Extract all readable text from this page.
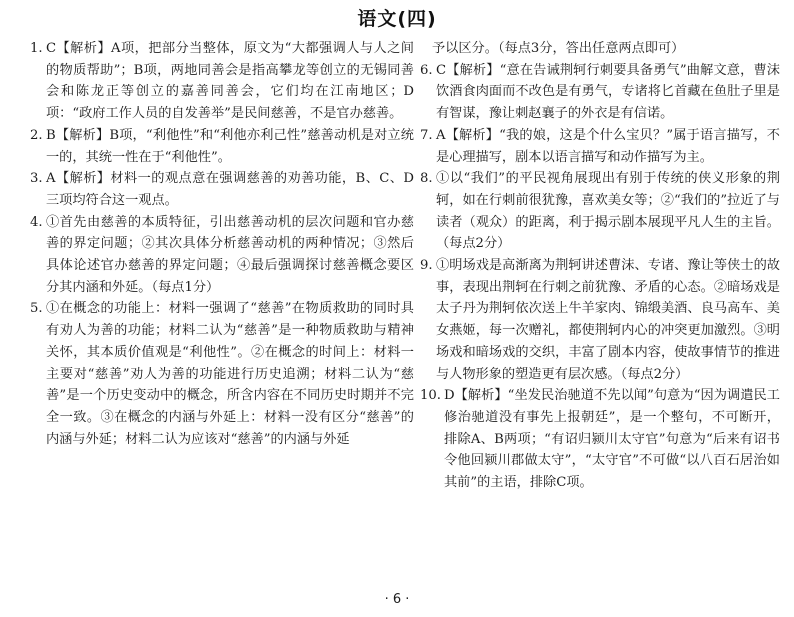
语文(四)
1. C【解析】A项，把部分当整体，原文为“大都强调人与人之间的物质帮助”；B项，两地同善会是指高攀龙等创立的无锡同善会和陈龙正等创立的嘉善同善会，它们均在江南地区；D项：“政府工作人员的自发善举”是民间慈善，不是官办慈善。
2. B【解析】B项，“利他性”和“利他亦利己性”慈善动机是对立统一的，其统一性在于“利他性”。
3. A【解析】材料一的观点意在强调慈善的劝善功能，B、C、D三项均符合这一观点。
4. ①首先由慈善的本质特征，引出慈善动机的层次问题和官办慈善的界定问题；②其次具体分析慈善动机的两种情况；③然后具体论述官办慈善的界定问题；④最后强调探讨慈善概念要区分其内涵和外延。（每点1分）
5. ①在概念的功能上：材料一强调了“慈善”在物质救助的同时具有劝人为善的功能；材料二认为“慈善”是一种物质救助与精神关怀，其本质价值观是“利他性”。②在概念的时间上：材料一主要对“慈善”劝人为善的功能进行历史追溯；材料二认为“慈善”是一个历史变动中的概念，所含内容在不同历史时期并不完全一致。③在概念的内涵与外延上：材料一没有区分“慈善”的内涵与外延；材料二认为应该对“慈善”的内涵与外延
予以区分。（每点3分，答出任意两点即可）
6. C【解析】“意在告诫荆轲行刺要具备勇气”曲解文意，曹沫饮酒食肉面而不改色是有勇气，专诸将匕首藏在鱼肚子里是有智谋，豫让刺赵襄子的外衣是有信诺。
7. A【解析】“我的娘，这是个什么宝贝？”属于语言描写，不是心理描写，剧本以语言描写和动作描写为主。
8. ①以“我们”的平民视角展现出有别于传统的侠义形象的荆轲，如在行刺前很犹豫，喜欢美女等；②“我们的”拉近了与读者（观众）的距离，利于揭示剧本展现平凡人生的主旨。（每点2分）
9. ①明场戏是高渐离为荆轲讲述曹沫、专诸、豫让等侠士的故事，表现出荆轲在行刺之前犹豫、矛盾的心态。②暗场戏是太子丹为荆轲依次送上牛羊家肉、锦缎美酒、良马高车、美女燕姬，每一次赠礼，都使荆轲内心的冲突更加激烈。③明场戏和暗场戏的交织，丰富了剧本内容，使故事情节的推进与人物形象的塑造更有层次感。（每点2分）
10. D【解析】“坐发民治驰道不先以闻”句意为“因为调遣民工修治驰道没有事先上报朝廷”，是一个整句，不可断开，排除A、B两项；“有诏归颍川太守官”句意为“后来有诏书令他回颍川郡做太守”，“太守官”不可做“以八百石居治如其前”的主语，排除C项。
· 6 ·
